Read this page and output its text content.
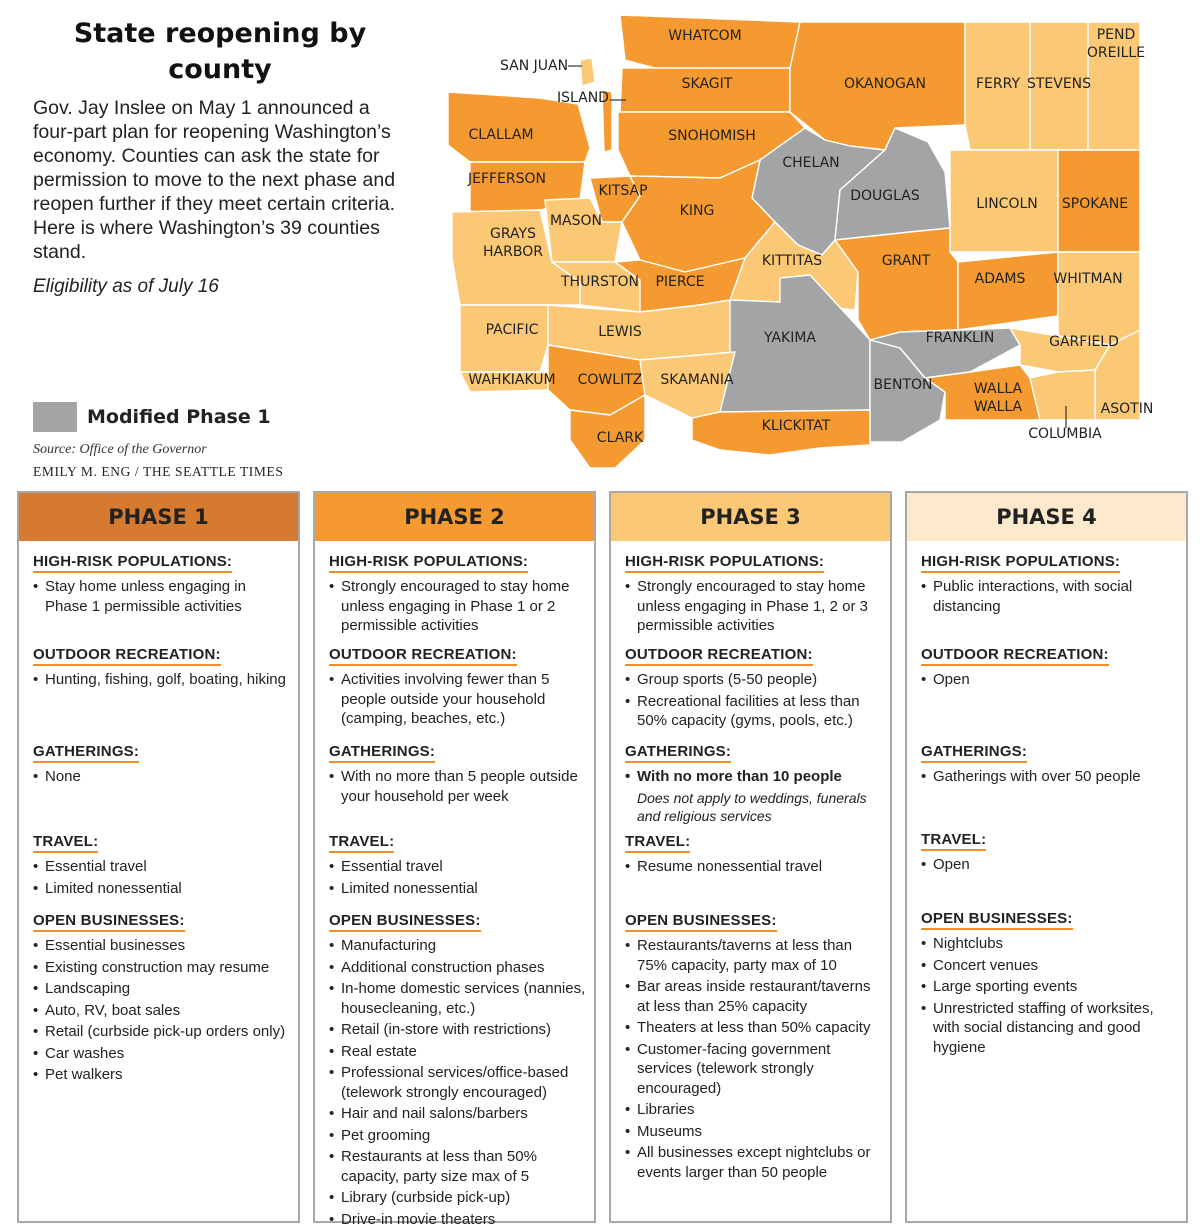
State reopening by county
Gov. Jay Inslee on May 1 announced a four-part plan for reopening Washington’s economy. Counties can ask the state for permission to move to the next phase and reopen further if they meet certain criteria. Here is where Washington’s 39 counties stand.
Eligibility as of July 16
Modified Phase 1
Source: Office of the Governor
EMILY M. ENG / THE SEATTLE TIMES
WHATCOM
SAN JUAN
ISLAND
SKAGIT	OKANOGAN	FERRY STEVENS
PEND OREILLE
CLALLAM	SNOHOMISH
CHELAN
DOUGLAS
JEFFERSON
KITSAP
KING
MASON
LINCOLN SPOKANE
GRAYS HARBOR
KITTITAS	GRANT
THURSTON PIERCE	ADAMS WHITMAN
PACIFIC	LEWIS	YAKIMA	FRANKLIN	GARFIELD
WAHKIAKUM COWLITZ SKAMANIA	BENTON	WALLA WALLA	ASOTIN
CLARK
KLICKITAT	COLUMBIA
PHASE 1
HIGH-RISK POPULATIONS:
• Stay home unless engaging in Phase 1 permissible activities
OUTDOOR RECREATION:
• Hunting, fishing, golf, boating, hiking
GATHERINGS:
• None
TRAVEL:
• Essential travel
• Limited nonessential
OPEN BUSINESSES:
• Essential businesses
• Existing construction may resume
• Landscaping
• Auto, RV, boat sales
• Retail (curbside pick-up orders only)
• Car washes
• Pet walkers
PHASE 2
HIGH-RISK POPULATIONS:
• Strongly encouraged to stay home unless engaging in Phase 1 or 2 permissible activities
OUTDOOR RECREATION:
• Activities involving fewer than 5 people outside your household (camping, beaches, etc.)
GATHERINGS:
• With no more than 5 people outside your household per week
TRAVEL:
• Essential travel
• Limited nonessential
OPEN BUSINESSES:
• Manufacturing
• Additional construction phases
• In-home domestic services (nannies, housecleaning, etc.)
• Retail (in-store with restrictions)
• Real estate
• Professional services/office-based (telework strongly encouraged)
• Hair and nail salons/barbers
• Pet grooming
• Restaurants at less than 50% capacity, party size max of 5
• Library (curbside pick-up)
• Drive-in movie theaters
PHASE 3
HIGH-RISK POPULATIONS:
• Strongly encouraged to stay home unless engaging in Phase 1, 2 or 3 permissible activities
OUTDOOR RECREATION:
• Group sports (5-50 people)
• Recreational facilities at less than 50% capacity (gyms, pools, etc.)
GATHERINGS:
• With no more than 10 people
Does not apply to weddings, funerals and religious services
TRAVEL:
• Resume nonessential travel
OPEN BUSINESSES:
• Restaurants/taverns at less than 75% capacity, party max of 10
• Bar areas inside restaurant/taverns at less than 25% capacity
• Theaters at less than 50% capacity
• Customer-facing government services (telework strongly encouraged)
• Libraries
• Museums
• All businesses except nightclubs or events larger than 50 people
PHASE 4
HIGH-RISK POPULATIONS:
• Public interactions, with social distancing
OUTDOOR RECREATION:
• Open
GATHERINGS:
• Gatherings with over 50 people
TRAVEL:
• Open
OPEN BUSINESSES:
• Nightclubs
• Concert venues
• Large sporting events
• Unrestricted staffing of worksites, with social distancing and good hygiene
